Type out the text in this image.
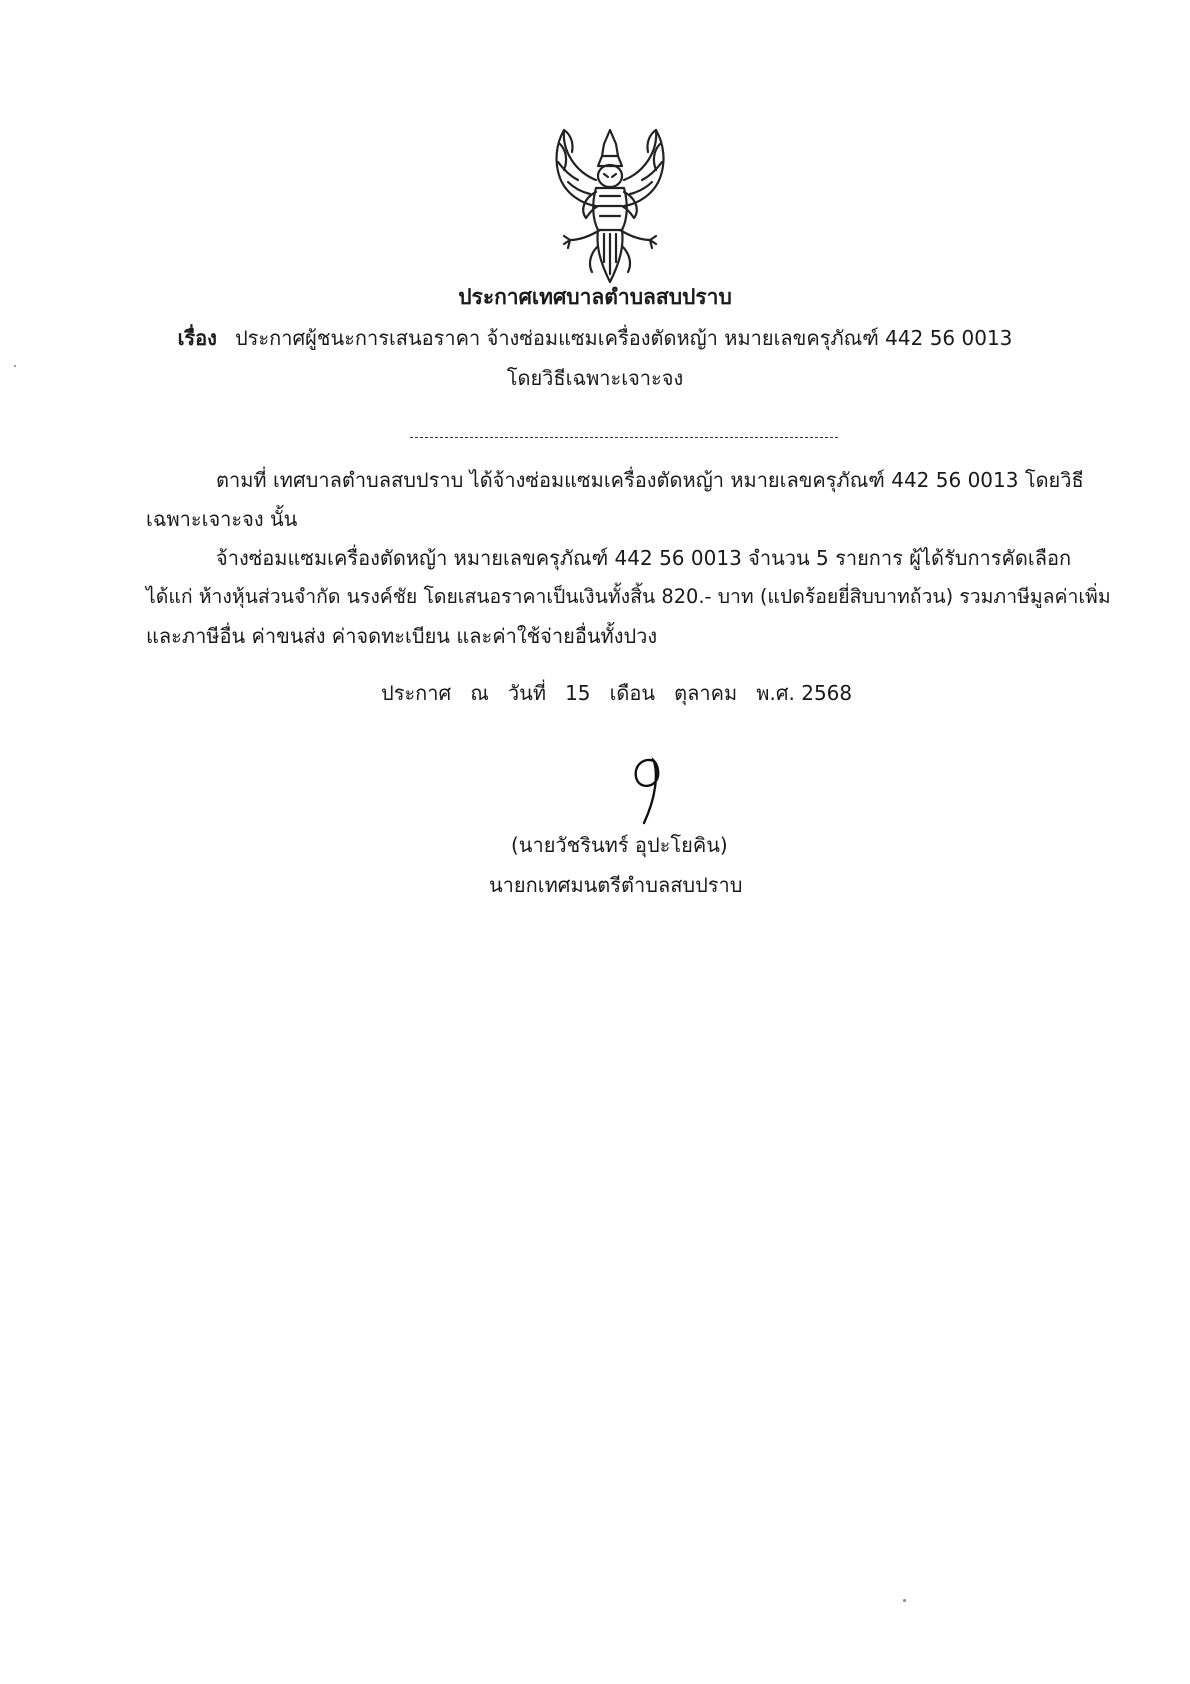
ประกาศเทศบาลตำบลสบปราบ
เรื่อง ประกาศผู้ชนะการเสนอราคา จ้างซ่อมแซมเครื่องตัดหญ้า หมายเลขครุภัณฑ์ 442 56 0013
โดยวิธีเฉพาะเจาะจง
ตามที่ เทศบาลตำบลสบปราบ ได้จ้างซ่อมแซมเครื่องตัดหญ้า หมายเลขครุภัณฑ์ 442 56 0013 โดยวิธี
เฉพาะเจาะจง นั้น
จ้างซ่อมแซมเครื่องตัดหญ้า หมายเลขครุภัณฑ์ 442 56 0013 จำนวน 5 รายการ ผู้ได้รับการคัดเลือก
ได้แก่ ห้างหุ้นส่วนจำกัด นรงค์ชัย โดยเสนอราคาเป็นเงินทั้งสิ้น 820.- บาท (แปดร้อยยี่สิบบาทถ้วน) รวมภาษีมูลค่าเพิ่ม
และภาษีอื่น ค่าขนส่ง ค่าจดทะเบียน และค่าใช้จ่ายอื่นทั้งปวง
ประกาศ   ณ   วันที่   15   เดือน   ตุลาคม   พ.ศ. 2568
(นายวัชรินทร์ อุปะโยคิน)
นายกเทศมนตรีตำบลสบปราบ
